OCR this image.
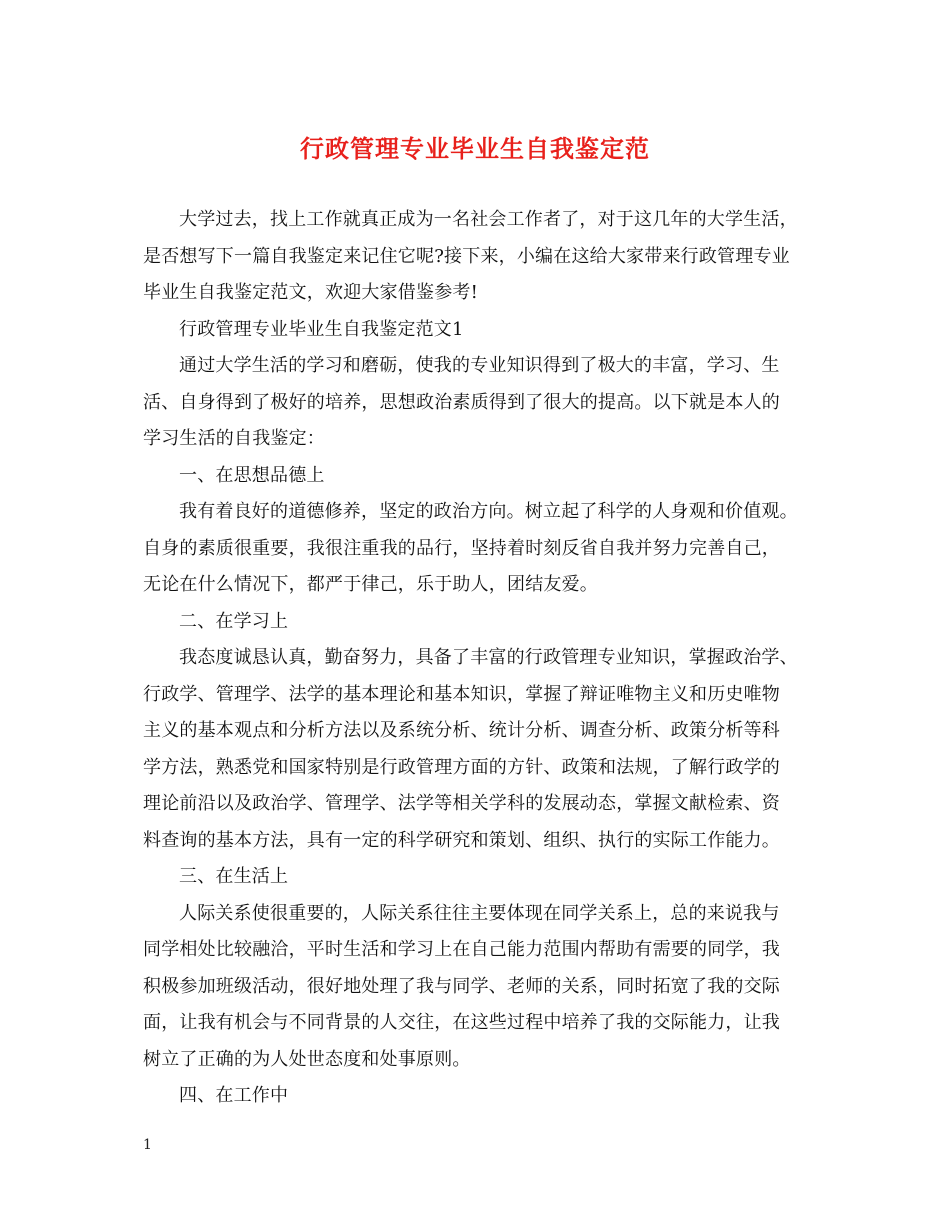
行政管理专业毕业生自我鉴定范

大学过去，找上工作就真正成为一名社会工作者了，对于这几年的大学生活，
是否想写下一篇自我鉴定来记住它呢?接下来，小编在这给大家带来行政管理专业
毕业生自我鉴定范文，欢迎大家借鉴参考!

行政管理专业毕业生自我鉴定范文1

通过大学生活的学习和磨砺，使我的专业知识得到了极大的丰富，学习、生
活、自身得到了极好的培养，思想政治素质得到了很大的提高。以下就是本人的
学习生活的自我鉴定：

一、在思想品德上

我有着良好的道德修养，坚定的政治方向。树立起了科学的人身观和价值观。
自身的素质很重要，我很注重我的品行，坚持着时刻反省自我并努力完善自己，
无论在什么情况下，都严于律己，乐于助人，团结友爱。

二、在学习上

我态度诚恳认真，勤奋努力，具备了丰富的行政管理专业知识，掌握政治学、
行政学、管理学、法学的基本理论和基本知识，掌握了辩证唯物主义和历史唯物
主义的基本观点和分析方法以及系统分析、统计分析、调查分析、政策分析等科
学方法，熟悉党和国家特别是行政管理方面的方针、政策和法规，了解行政学的
理论前沿以及政治学、管理学、法学等相关学科的发展动态，掌握文献检索、资
料查询的基本方法，具有一定的科学研究和策划、组织、执行的实际工作能力。

三、在生活上

人际关系使很重要的，人际关系往往主要体现在同学关系上，总的来说我与
同学相处比较融洽，平时生活和学习上在自己能力范围内帮助有需要的同学，我
积极参加班级活动，很好地处理了我与同学、老师的关系，同时拓宽了我的交际
面，让我有机会与不同背景的人交往，在这些过程中培养了我的交际能力，让我
树立了正确的为人处世态度和处事原则。

四、在工作中

1
